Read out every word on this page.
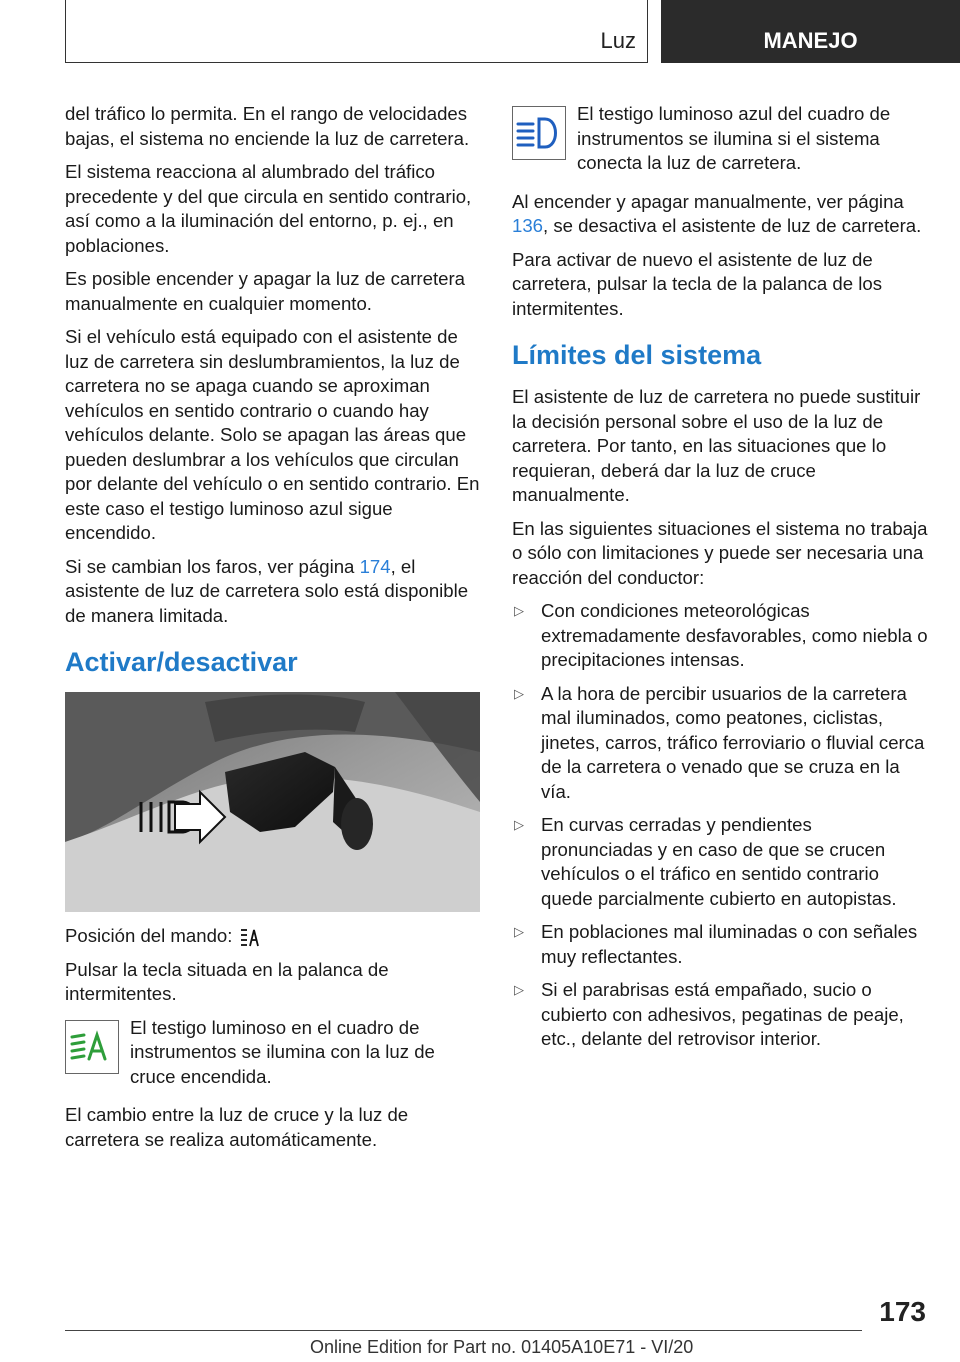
Luz	MANEJO

del tráfico lo permita. En el rango de velocidades bajas, el sistema no enciende la luz de carretera.

El sistema reacciona al alumbrado del tráfico precedente y del que circula en sentido contrario, así como a la iluminación del entorno, p. ej., en poblaciones.

Es posible encender y apagar la luz de carretera manualmente en cualquier momento.

Si el vehículo está equipado con el asistente de luz de carretera sin deslumbramientos, la luz de carretera no se apaga cuando se aproximan vehículos en sentido contrario o cuando hay vehículos delante. Solo se apagan las áreas que pueden deslumbrar a los vehículos que circulan por delante del vehículo o en sentido contrario. En este caso el testigo luminoso azul sigue encendido.

Si se cambian los faros, ver página 174, el asistente de luz de carretera solo está disponible de manera limitada.

Activar/desactivar

Posición del mando:

Pulsar la tecla situada en la palanca de intermitentes.

El testigo luminoso en el cuadro de instrumentos se ilumina con la luz de cruce encendida.

El cambio entre la luz de cruce y la luz de carretera se realiza automáticamente.

El testigo luminoso azul del cuadro de instrumentos se ilumina si el sistema conecta la luz de carretera.

Al encender y apagar manualmente, ver página 136, se desactiva el asistente de luz de carretera.

Para activar de nuevo el asistente de luz de carretera, pulsar la tecla de la palanca de los intermitentes.

Límites del sistema

El asistente de luz de carretera no puede sustituir la decisión personal sobre el uso de la luz de carretera. Por tanto, en las situaciones que lo requieran, deberá dar la luz de cruce manualmente.

En las siguientes situaciones el sistema no trabaja o sólo con limitaciones y puede ser necesaria una reacción del conductor:

▷ Con condiciones meteorológicas extremadamente desfavorables, como niebla o precipitaciones intensas.
▷ A la hora de percibir usuarios de la carretera mal iluminados, como peatones, ciclistas, jinetes, carros, tráfico ferroviario o fluvial cerca de la carretera o venado que se cruza en la vía.
▷ En curvas cerradas y pendientes pronunciadas y en caso de que se crucen vehículos o el tráfico en sentido contrario quede parcialmente cubierto en autopistas.
▷ En poblaciones mal iluminadas o con señales muy reflectantes.
▷ Si el parabrisas está empañado, sucio o cubierto con adhesivos, pegatinas de peaje, etc., delante del retrovisor interior.
173
Online Edition for Part no. 01405A10E71 - VI/20
